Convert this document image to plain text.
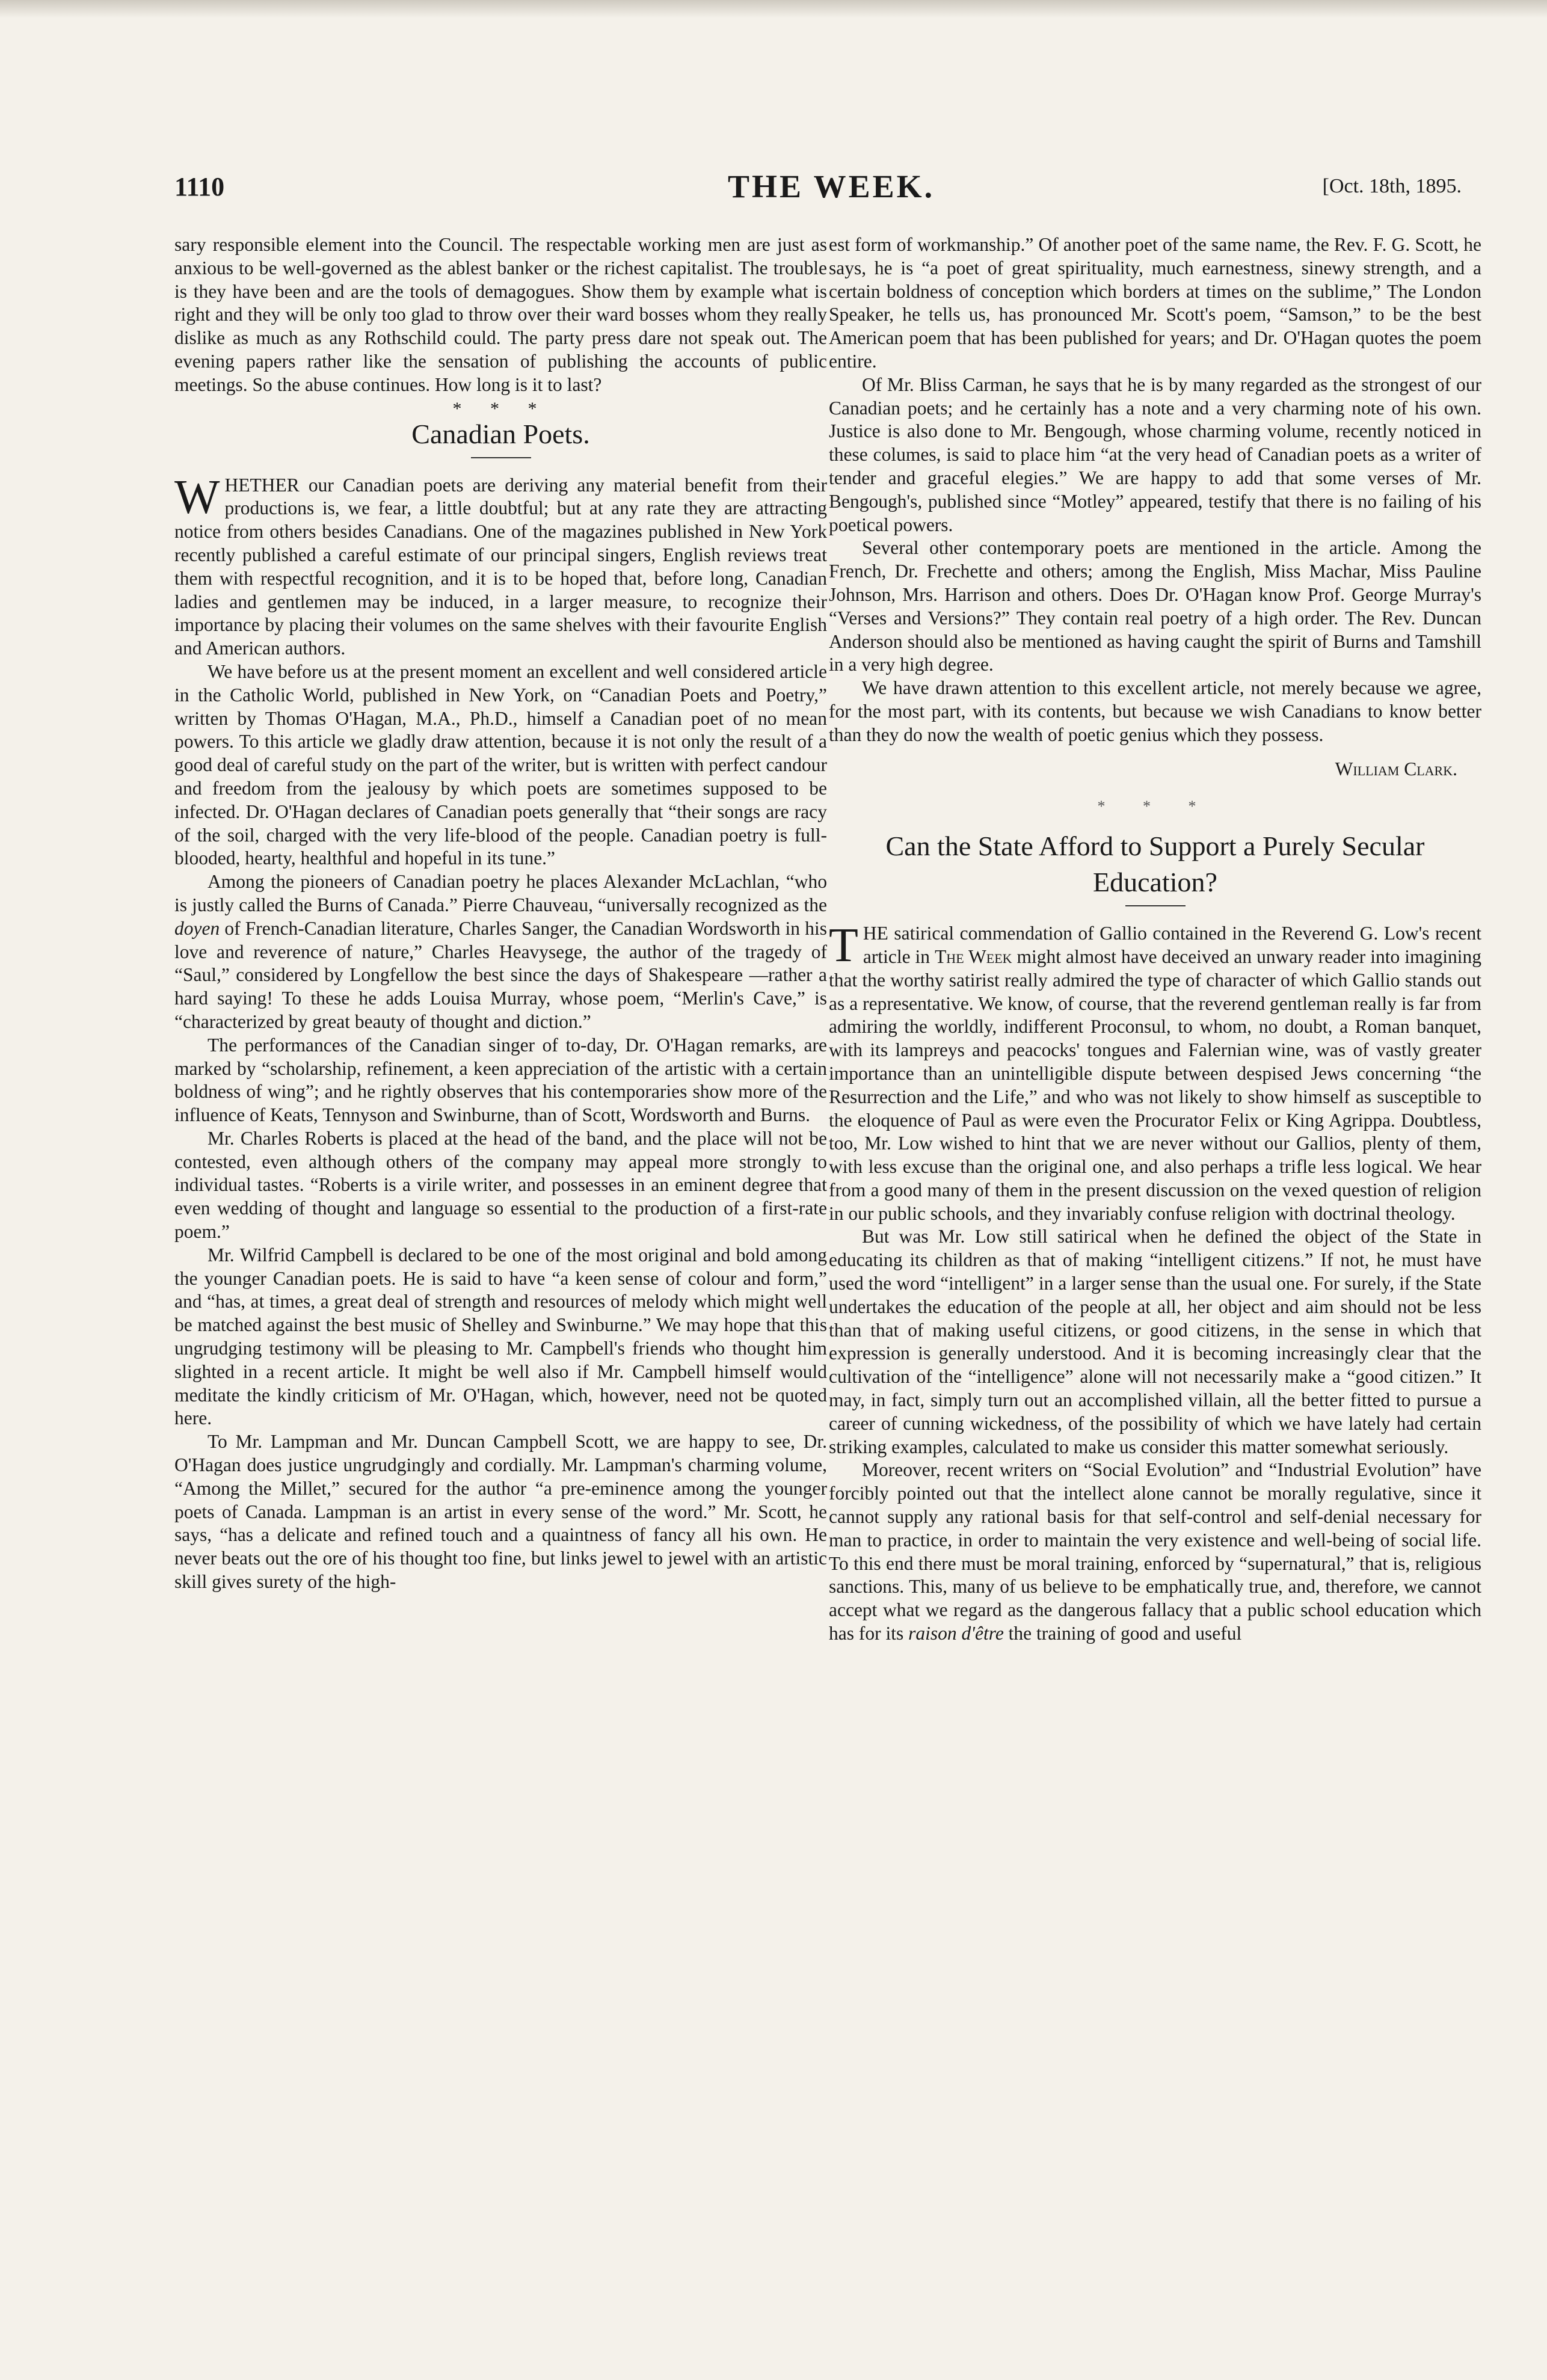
1110	THE WEEK.	[Oct. 18th, 1895.

sary responsible element into the Council. The respectable working men are just as anxious to be well-governed as the ablest banker or the richest capitalist. The trouble is they have been and are the tools of demagogues. Show them by example what is right and they will be only too glad to throw over their ward bosses whom they really dislike as much as any Rothschild could. The party press dare not speak out. The evening papers rather like the sensation of publishing the accounts of public meetings. So the abuse continues. How long is it to last?

* * *
Canadian Poets.

WHETHER our Canadian poets are deriving any material benefit from their productions is, we fear, a little doubtful; but at any rate they are attracting notice from others besides Canadians. One of the magazines published in New York recently published a careful estimate of our principal singers, English reviews treat them with respectful recognition, and it is to be hoped that, before long, Canadian ladies and gentlemen may be induced, in a larger measure, to recognize their importance by placing their volumes on the same shelves with their favourite English and American authors.

We have before us at the present moment an excellent and well considered article in the Catholic World, published in New York, on “Canadian Poets and Poetry,” written by Thomas O'Hagan, M.A., Ph.D., himself a Canadian poet of no mean powers. To this article we gladly draw attention, because it is not only the result of a good deal of careful study on the part of the writer, but is written with perfect candour and freedom from the jealousy by which poets are sometimes supposed to be infected. Dr. O'Hagan declares of Canadian poets generally that “their songs are racy of the soil, charged with the very life-blood of the people. Canadian poetry is full-blooded, hearty, healthful and hopeful in its tune.”

Among the pioneers of Canadian poetry he places Alexander McLachlan, “who is justly called the Burns of Canada.” Pierre Chauveau, “universally recognized as the doyen of French-Canadian literature, Charles Sanger, the Canadian Wordsworth in his love and reverence of nature,” Charles Heavysege, the author of the tragedy of “Saul,” considered by Longfellow the best since the days of Shakespeare —rather a hard saying! To these he adds Louisa Murray, whose poem, “Merlin's Cave,” is “characterized by great beauty of thought and diction.”

The performances of the Canadian singer of to-day, Dr. O'Hagan remarks, are marked by “scholarship, refinement, a keen appreciation of the artistic with a certain boldness of wing”; and he rightly observes that his contemporaries show more of the influence of Keats, Tennyson and Swinburne, than of Scott, Wordsworth and Burns.

Mr. Charles Roberts is placed at the head of the band, and the place will not be contested, even although others of the company may appeal more strongly to individual tastes. “Roberts is a virile writer, and possesses in an eminent degree that even wedding of thought and language so essential to the production of a first-rate poem.”

Mr. Wilfrid Campbell is declared to be one of the most original and bold among the younger Canadian poets. He is said to have “a keen sense of colour and form,” and “has, at times, a great deal of strength and resources of melody which might well be matched against the best music of Shelley and Swinburne.” We may hope that this ungrudging testimony will be pleasing to Mr. Campbell's friends who thought him slighted in a recent article. It might be well also if Mr. Campbell himself would meditate the kindly criticism of Mr. O'Hagan, which, however, need not be quoted here.

To Mr. Lampman and Mr. Duncan Campbell Scott, we are happy to see, Dr. O'Hagan does justice ungrudgingly and cordially. Mr. Lampman's charming volume, “Among the Millet,” secured for the author “a pre-eminence among the younger poets of Canada. Lampman is an artist in every sense of the word.” Mr. Scott, he says, “has a delicate and refined touch and a quaintness of fancy all his own. He never beats out the ore of his thought too fine, but links jewel to jewel with an artistic skill gives surety of the high-

est form of workmanship.” Of another poet of the same name, the Rev. F. G. Scott, he says, he is “a poet of great spirituality, much earnestness, sinewy strength, and a certain boldness of conception which borders at times on the sublime,” The London Speaker, he tells us, has pronounced Mr. Scott's poem, “Samson,” to be the best American poem that has been published for years; and Dr. O'Hagan quotes the poem entire.

Of Mr. Bliss Carman, he says that he is by many regarded as the strongest of our Canadian poets; and he certainly has a note and a very charming note of his own. Justice is also done to Mr. Bengough, whose charming volume, recently noticed in these columes, is said to place him “at the very head of Canadian poets as a writer of tender and graceful elegies.” We are happy to add that some verses of Mr. Bengough's, published since “Motley” appeared, testify that there is no failing of his poetical powers.

Several other contemporary poets are mentioned in the article. Among the French, Dr. Frechette and others; among the English, Miss Machar, Miss Pauline Johnson, Mrs. Harrison and others. Does Dr. O'Hagan know Prof. George Murray's “Verses and Versions?” They contain real poetry of a high order. The Rev. Duncan Anderson should also be mentioned as having caught the spirit of Burns and Tamshill in a very high degree.

We have drawn attention to this excellent article, not merely because we agree, for the most part, with its contents, but because we wish Canadians to know better than they do now the wealth of poetic genius which they possess.

William Clark.
* * *
Can the State Afford to Support a Purely Secular Education?

THE satirical commendation of Gallio contained in the Reverend G. Low's recent article in The Week might almost have deceived an unwary reader into imagining that the worthy satirist really admired the type of character of which Gallio stands out as a representative. We know, of course, that the reverend gentleman really is far from admiring the worldly, indifferent Proconsul, to whom, no doubt, a Roman banquet, with its lampreys and peacocks' tongues and Falernian wine, was of vastly greater importance than an unintelligible dispute between despised Jews concerning “the Resurrection and the Life,” and who was not likely to show himself as susceptible to the eloquence of Paul as were even the Procurator Felix or King Agrippa. Doubtless, too, Mr. Low wished to hint that we are never without our Gallios, plenty of them, with less excuse than the original one, and also perhaps a trifle less logical. We hear from a good many of them in the present discussion on the vexed question of religion in our public schools, and they invariably confuse religion with doctrinal theology.

But was Mr. Low still satirical when he defined the object of the State in educating its children as that of making “intelligent citizens.” If not, he must have used the word “intelligent” in a larger sense than the usual one. For surely, if the State undertakes the education of the people at all, her object and aim should not be less than that of making useful citizens, or good citizens, in the sense in which that expression is generally understood. And it is becoming increasingly clear that the cultivation of the “intelligence” alone will not necessarily make a “good citizen.” It may, in fact, simply turn out an accomplished villain, all the better fitted to pursue a career of cunning wickedness, of the possibility of which we have lately had certain striking examples, calculated to make us consider this matter somewhat seriously.

Moreover, recent writers on “Social Evolution” and “Industrial Evolution” have forcibly pointed out that the intellect alone cannot be morally regulative, since it cannot supply any rational basis for that self-control and self-denial necessary for man to practice, in order to maintain the very existence and well-being of social life. To this end there must be moral training, enforced by “supernatural,” that is, religious sanctions. This, many of us believe to be emphatically true, and, therefore, we cannot accept what we regard as the dangerous fallacy that a public school education which has for its raison d'être the training of good and useful
